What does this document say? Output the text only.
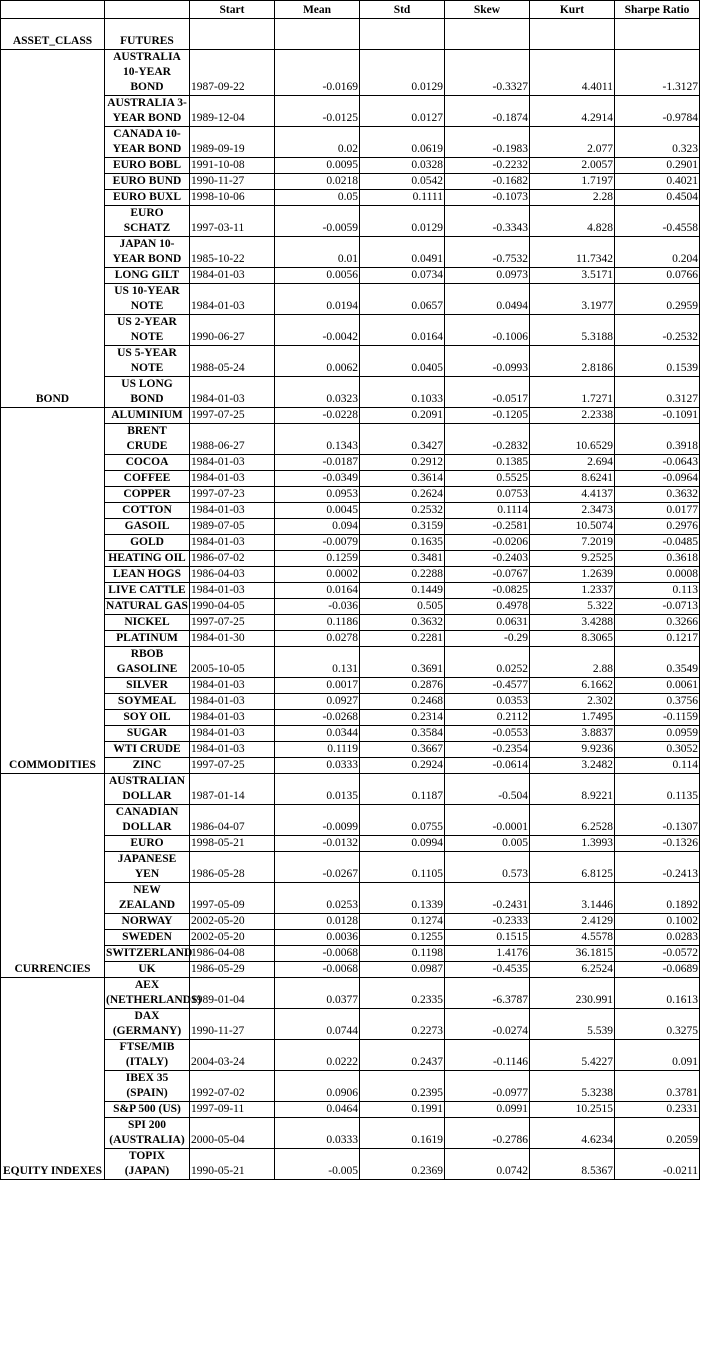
		Start	Mean	Std	Skew	Kurt	Sharpe Ratio
ASSET_CLASS	FUTURES						
BOND	AUSTRALIA 10-YEAR BOND	1987-09-22	-0.0169	0.0129	-0.3327	4.4011	-1.3127
	AUSTRALIA 3-YEAR BOND	1989-12-04	-0.0125	0.0127	-0.1874	4.2914	-0.9784
	CANADA 10-YEAR BOND	1989-09-19	0.02	0.0619	-0.1983	2.077	0.323
	EURO BOBL	1991-10-08	0.0095	0.0328	-0.2232	2.0057	0.2901
	EURO BUND	1990-11-27	0.0218	0.0542	-0.1682	1.7197	0.4021
	EURO BUXL	1998-10-06	0.05	0.1111	-0.1073	2.28	0.4504
	EURO SCHATZ	1997-03-11	-0.0059	0.0129	-0.3343	4.828	-0.4558
	JAPAN 10-YEAR BOND	1985-10-22	0.01	0.0491	-0.7532	11.7342	0.204
	LONG GILT	1984-01-03	0.0056	0.0734	0.0973	3.5171	0.0766
	US 10-YEAR NOTE	1984-01-03	0.0194	0.0657	0.0494	3.1977	0.2959
	US 2-YEAR NOTE	1990-06-27	-0.0042	0.0164	-0.1006	5.3188	-0.2532
	US 5-YEAR NOTE	1988-05-24	0.0062	0.0405	-0.0993	2.8186	0.1539
	US LONG BOND	1984-01-03	0.0323	0.1033	-0.0517	1.7271	0.3127
COMMODITIES	ALUMINIUM	1997-07-25	-0.0228	0.2091	-0.1205	2.2338	-0.1091
	BRENT CRUDE	1988-06-27	0.1343	0.3427	-0.2832	10.6529	0.3918
	COCOA	1984-01-03	-0.0187	0.2912	0.1385	2.694	-0.0643
	COFFEE	1984-01-03	-0.0349	0.3614	0.5525	8.6241	-0.0964
	COPPER	1997-07-23	0.0953	0.2624	0.0753	4.4137	0.3632
	COTTON	1984-01-03	0.0045	0.2532	0.1114	2.3473	0.0177
	GASOIL	1989-07-05	0.094	0.3159	-0.2581	10.5074	0.2976
	GOLD	1984-01-03	-0.0079	0.1635	-0.0206	7.2019	-0.0485
	HEATING OIL	1986-07-02	0.1259	0.3481	-0.2403	9.2525	0.3618
	LEAN HOGS	1986-04-03	0.0002	0.2288	-0.0767	1.2639	0.0008
	LIVE CATTLE	1984-01-03	0.0164	0.1449	-0.0825	1.2337	0.113
	NATURAL GAS	1990-04-05	-0.036	0.505	0.4978	5.322	-0.0713
	NICKEL	1997-07-25	0.1186	0.3632	0.0631	3.4288	0.3266
	PLATINUM	1984-01-30	0.0278	0.2281	-0.29	8.3065	0.1217
	RBOB GASOLINE	2005-10-05	0.131	0.3691	0.0252	2.88	0.3549
	SILVER	1984-01-03	0.0017	0.2876	-0.4577	6.1662	0.0061
	SOYMEAL	1984-01-03	0.0927	0.2468	0.0353	2.302	0.3756
	SOY OIL	1984-01-03	-0.0268	0.2314	0.2112	1.7495	-0.1159
	SUGAR	1984-01-03	0.0344	0.3584	-0.0553	3.8837	0.0959
	WTI CRUDE	1984-01-03	0.1119	0.3667	-0.2354	9.9236	0.3052
	ZINC	1997-07-25	0.0333	0.2924	-0.0614	3.2482	0.114
CURRENCIES	AUSTRALIAN DOLLAR	1987-01-14	0.0135	0.1187	-0.504	8.9221	0.1135
	CANADIAN DOLLAR	1986-04-07	-0.0099	0.0755	-0.0001	6.2528	-0.1307
	EURO	1998-05-21	-0.0132	0.0994	0.005	1.3993	-0.1326
	JAPANESE YEN	1986-05-28	-0.0267	0.1105	0.573	6.8125	-0.2413
	NEW ZEALAND	1997-05-09	0.0253	0.1339	-0.2431	3.1446	0.1892
	NORWAY	2002-05-20	0.0128	0.1274	-0.2333	2.4129	0.1002
	SWEDEN	2002-05-20	0.0036	0.1255	0.1515	4.5578	0.0283
	SWITZERLAND	1986-04-08	-0.0068	0.1198	1.4176	36.1815	-0.0572
	UK	1986-05-29	-0.0068	0.0987	-0.4535	6.2524	-0.0689
EQUITY INDEXES	AEX (NETHERLANDS)	1989-01-04	0.0377	0.2335	-6.3787	230.991	0.1613
	DAX (GERMANY)	1990-11-27	0.0744	0.2273	-0.0274	5.539	0.3275
	FTSE/MIB (ITALY)	2004-03-24	0.0222	0.2437	-0.1146	5.4227	0.091
	IBEX 35 (SPAIN)	1992-07-02	0.0906	0.2395	-0.0977	5.3238	0.3781
	S&P 500 (US)	1997-09-11	0.0464	0.1991	0.0991	10.2515	0.2331
	SPI 200 (AUSTRALIA)	2000-05-04	0.0333	0.1619	-0.2786	4.6234	0.2059
	TOPIX (JAPAN)	1990-05-21	-0.005	0.2369	0.0742	8.5367	-0.0211
